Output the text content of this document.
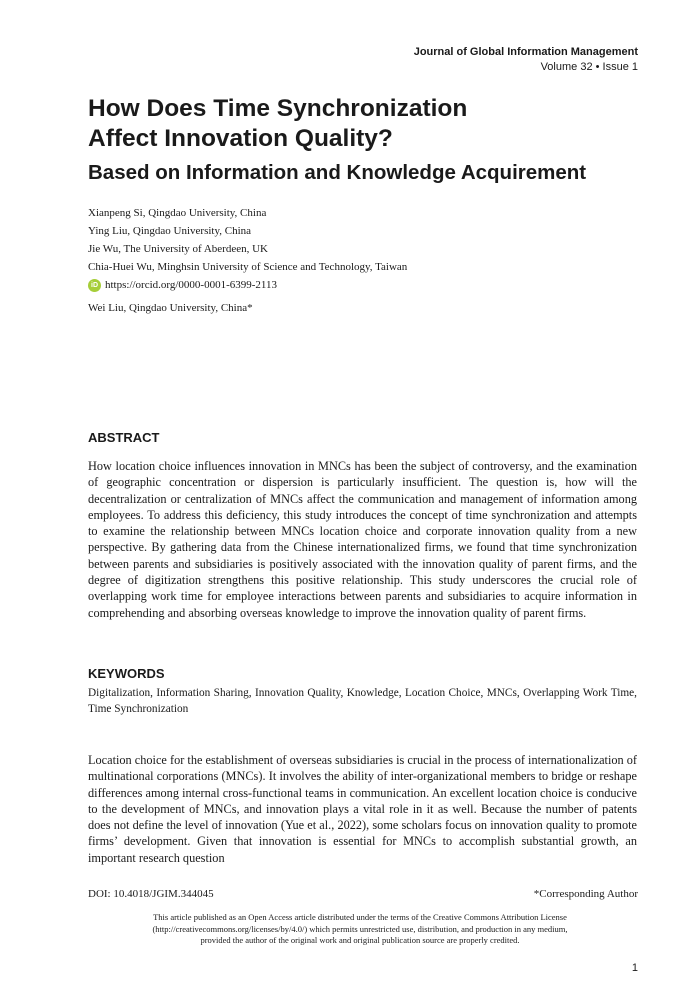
Journal of Global Information Management
Volume 32 • Issue 1
How Does Time Synchronization
Affect Innovation Quality?
Based on Information and Knowledge Acquirement
Xianpeng Si, Qingdao University, China
Ying Liu, Qingdao University, China
Jie Wu, The University of Aberdeen, UK
Chia-Huei Wu, Minghsin University of Science and Technology, Taiwan
iD https://orcid.org/0000-0001-6399-2113
Wei Liu, Qingdao University, China*
ABSTRACT

How location choice influences innovation in MNCs has been the subject of controversy, and the examination of geographic concentration or dispersion is particularly insufficient. The question is, how will the decentralization or centralization of MNCs affect the communication and management of information among employees. To address this deficiency, this study introduces the concept of time synchronization and attempts to examine the relationship between MNCs location choice and corporate innovation quality from a new perspective. By gathering data from the Chinese internationalized firms, we found that time synchronization between parents and subsidiaries is positively associated with the innovation quality of parent firms, and the degree of digitization strengthens this positive relationship. This study underscores the crucial role of overlapping work time for employee interactions between parents and subsidiaries to acquire information in comprehending and absorbing overseas knowledge to improve the innovation quality of parent firms.

KEYWORDS

Digitalization, Information Sharing, Innovation Quality, Knowledge, Location Choice, MNCs, Overlapping Work Time, Time Synchronization

Location choice for the establishment of overseas subsidiaries is crucial in the process of internationalization of multinational corporations (MNCs). It involves the ability of inter-organizational members to bridge or reshape differences among internal cross-functional teams in communication. An excellent location choice is conducive to the development of MNCs, and innovation plays a vital role in it as well. Because the number of patents does not define the level of innovation (Yue et al., 2022), some scholars focus on innovation quality to promote firms’ development. Given that innovation is essential for MNCs to accomplish substantial growth, an important research question

DOI: 10.4018/JGIM.344045	*Corresponding Author

This article published as an Open Access article distributed under the terms of the Creative Commons Attribution License
(http://creativecommons.org/licenses/by/4.0/) which permits unrestricted use, distribution, and production in any medium,
provided the author of the original work and original publication source are properly credited.

1
